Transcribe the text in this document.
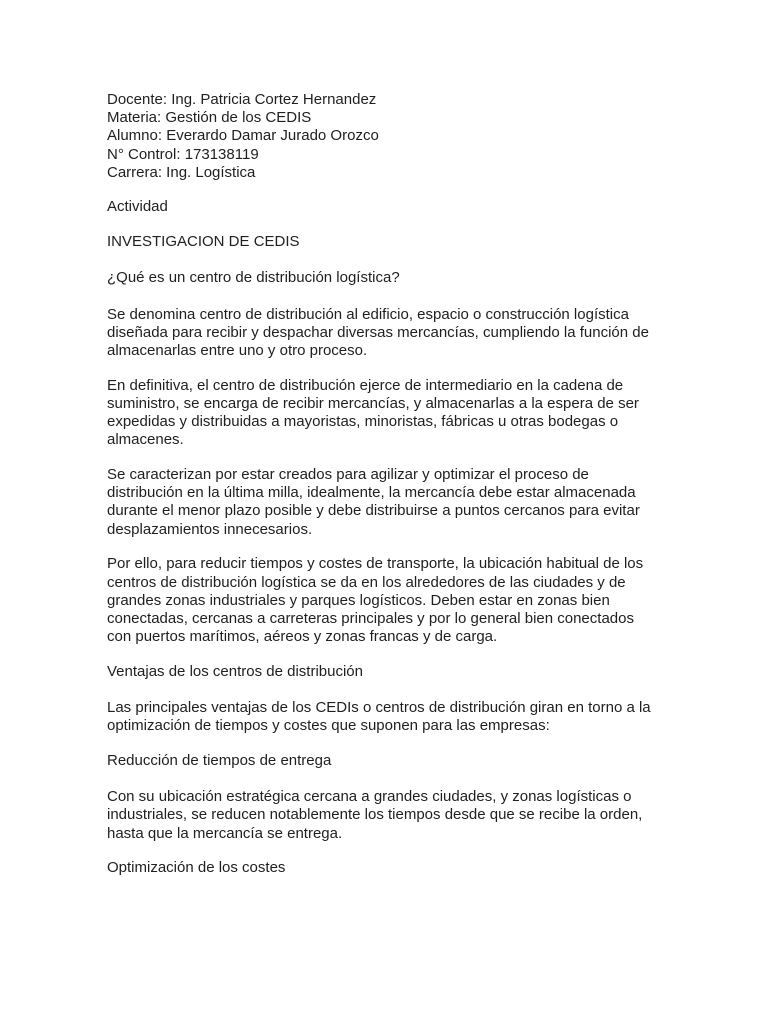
Docente: Ing. Patricia Cortez Hernandez
Materia: Gestión de los CEDIS
Alumno: Everardo Damar Jurado Orozco
N° Control: 173138119
Carrera: Ing. Logística

Actividad

INVESTIGACION DE CEDIS

¿Qué es un centro de distribución logística?

Se denomina centro de distribución al edificio, espacio o construcción logística
diseñada para recibir y despachar diversas mercancías, cumpliendo la función de
almacenarlas entre uno y otro proceso.

En definitiva, el centro de distribución ejerce de intermediario en la cadena de
suministro, se encarga de recibir mercancías, y almacenarlas a la espera de ser
expedidas y distribuidas a mayoristas, minoristas, fábricas u otras bodegas o
almacenes.

Se caracterizan por estar creados para agilizar y optimizar el proceso de
distribución en la última milla, idealmente, la mercancía debe estar almacenada
durante el menor plazo posible y debe distribuirse a puntos cercanos para evitar
desplazamientos innecesarios.

Por ello, para reducir tiempos y costes de transporte, la ubicación habitual de los
centros de distribución logística se da en los alrededores de las ciudades y de
grandes zonas industriales y parques logísticos. Deben estar en zonas bien
conectadas, cercanas a carreteras principales y por lo general bien conectados
con puertos marítimos, aéreos y zonas francas y de carga.

Ventajas de los centros de distribución

Las principales ventajas de los CEDIs o centros de distribución giran en torno a la
optimización de tiempos y costes que suponen para las empresas:

Reducción de tiempos de entrega

Con su ubicación estratégica cercana a grandes ciudades, y zonas logísticas o
industriales, se reducen notablemente los tiempos desde que se recibe la orden,
hasta que la mercancía se entrega.

Optimización de los costes
